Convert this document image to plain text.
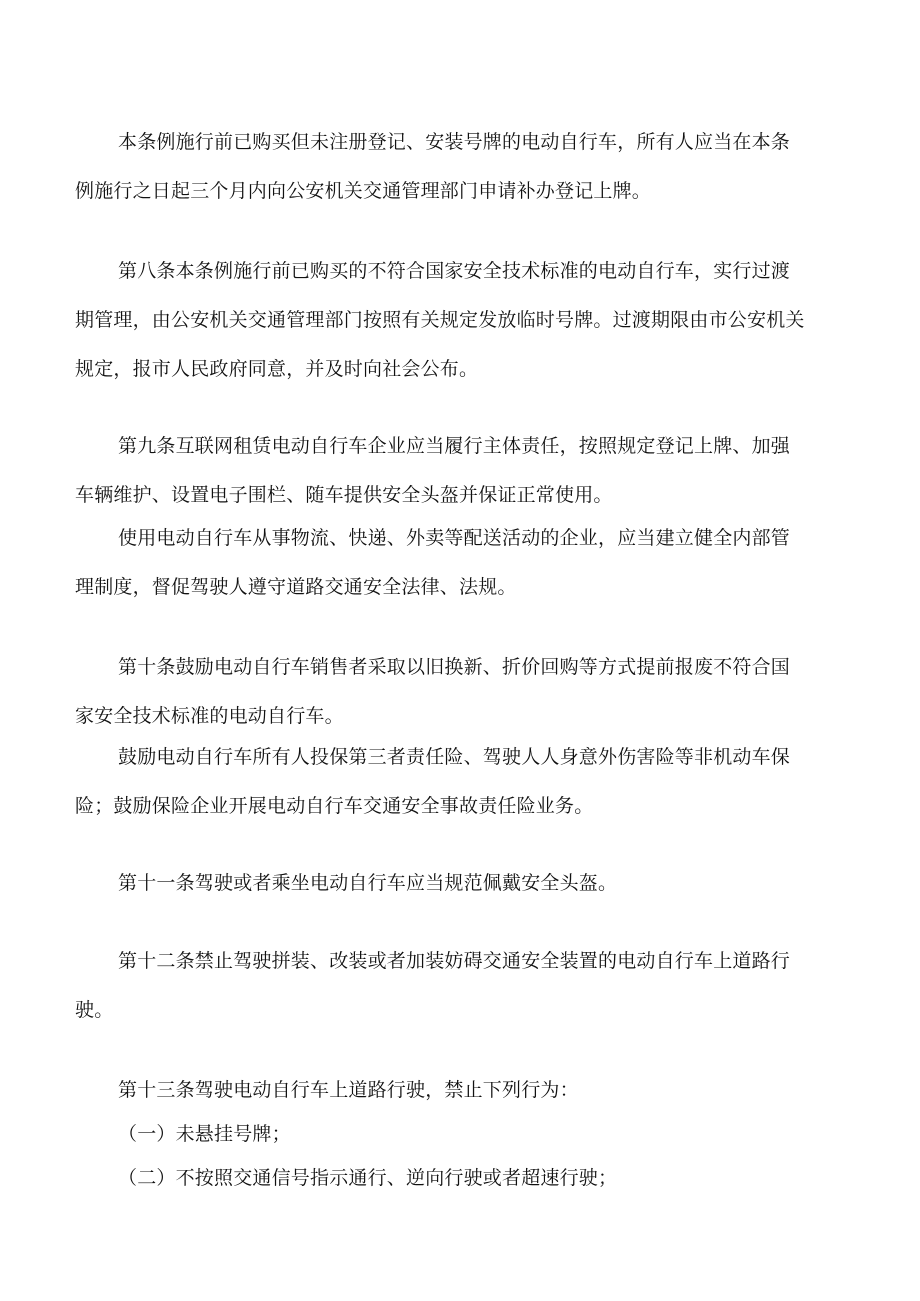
本条例施行前已购买但未注册登记、安装号牌的电动自行车，所有人应当在本条
例施行之日起三个月内向公安机关交通管理部门申请补办登记上牌。
第八条本条例施行前已购买的不符合国家安全技术标准的电动自行车，实行过渡
期管理，由公安机关交通管理部门按照有关规定发放临时号牌。过渡期限由市公安机关
规定，报市人民政府同意，并及时向社会公布。
第九条互联网租赁电动自行车企业应当履行主体责任，按照规定登记上牌、加强
车辆维护、设置电子围栏、随车提供安全头盔并保证正常使用。
使用电动自行车从事物流、快递、外卖等配送活动的企业，应当建立健全内部管
理制度，督促驾驶人遵守道路交通安全法律、法规。
第十条鼓励电动自行车销售者采取以旧换新、折价回购等方式提前报废不符合国
家安全技术标准的电动自行车。
鼓励电动自行车所有人投保第三者责任险、驾驶人人身意外伤害险等非机动车保
险；鼓励保险企业开展电动自行车交通安全事故责任险业务。
第十一条驾驶或者乘坐电动自行车应当规范佩戴安全头盔。
第十二条禁止驾驶拼装、改装或者加装妨碍交通安全装置的电动自行车上道路行
驶。
第十三条驾驶电动自行车上道路行驶，禁止下列行为：
（一）未悬挂号牌；
（二）不按照交通信号指示通行、逆向行驶或者超速行驶；
